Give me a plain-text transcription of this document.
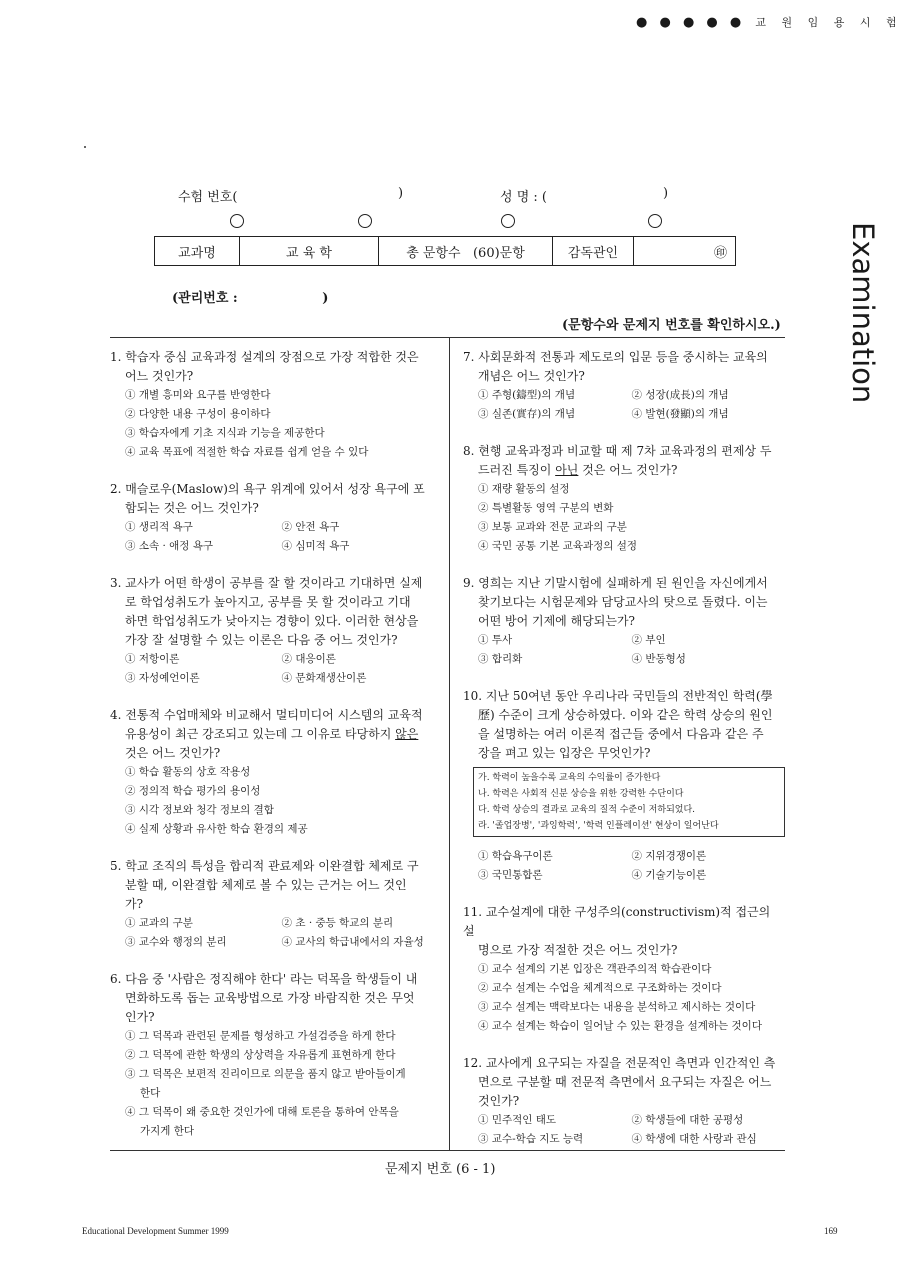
● ● ● ● ● 교 원 임 용 시 험
Examination
수험 번호(	)	성 명 : (	)
교과명	교 육 학	총 문항수 (60)문항	감독관인	㊞
(관리번호 :	)
(문항수와 문제지 번호를 확인하시오.)
1. 학습자 중심 교육과정 설계의 장점으로 가장 적합한 것은
어느 것인가?
① 개별 흥미와 요구를 반영한다
② 다양한 내용 구성이 용이하다
③ 학습자에게 기초 지식과 기능을 제공한다
④ 교육 목표에 적절한 학습 자료를 쉽게 얻을 수 있다
2. 매슬로우(Maslow)의 욕구 위계에 있어서 성장 욕구에 포
함되는 것은 어느 것인가?
① 생리적 욕구	② 안전 욕구
③ 소속 · 애정 욕구	④ 심미적 욕구
3. 교사가 어떤 학생이 공부를 잘 할 것이라고 기대하면 실제
로 학업성취도가 높아지고, 공부를 못 할 것이라고 기대
하면 학업성취도가 낮아지는 경향이 있다. 이러한 현상을
가장 잘 설명할 수 있는 이론은 다음 중 어느 것인가?
① 저항이론	② 대응이론
③ 자성예언이론	④ 문화재생산이론
4. 전통적 수업매체와 비교해서 멀티미디어 시스템의 교육적
유용성이 최근 강조되고 있는데 그 이유로 타당하지 않은
것은 어느 것인가?
① 학습 활동의 상호 작용성
② 정의적 학습 평가의 용이성
③ 시각 정보와 청각 정보의 결합
④ 실제 상황과 유사한 학습 환경의 제공
5. 학교 조직의 특성을 합리적 관료제와 이완결합 체제로 구
분할 때, 이완결합 체제로 볼 수 있는 근거는 어느 것인
가?
① 교과의 구분	② 초 · 중등 학교의 분리
③ 교수와 행정의 분리	④ 교사의 학급내에서의 자율성
6. 다음 중 '사람은 정직해야 한다' 라는 덕목을 학생들이 내
면화하도록 돕는 교육방법으로 가장 바람직한 것은 무엇
인가?
① 그 덕목과 관련된 문제를 형성하고 가설검증을 하게 한다
② 그 덕목에 관한 학생의 상상력을 자유롭게 표현하게 한다
③ 그 덕목은 보편적 진리이므로 의문을 품지 않고 받아들이게
한다
④ 그 덕목이 왜 중요한 것인가에 대해 토론을 통하여 안목을
가지게 한다
7. 사회문화적 전통과 제도로의 입문 등을 중시하는 교육의
개념은 어느 것인가?
① 주형(鑄型)의 개념	② 성장(成長)의 개념
③ 실존(實存)의 개념	④ 발현(發顯)의 개념
8. 현행 교육과정과 비교할 때 제 7차 교육과정의 편제상 두
드러진 특징이 아닌 것은 어느 것인가?
① 재량 활동의 설정
② 특별활동 영역 구분의 변화
③ 보통 교과와 전문 교과의 구분
④ 국민 공통 기본 교육과정의 설정
9. 영희는 지난 기말시험에 실패하게 된 원인을 자신에게서
찾기보다는 시험문제와 담당교사의 탓으로 돌렸다. 이는
어떤 방어 기제에 해당되는가?
① 투사	② 부인
③ 합리화	④ 반동형성
10. 지난 50여년 동안 우리나라 국민들의 전반적인 학력(學
歷) 수준이 크게 상승하였다. 이와 같은 학력 상승의 원인
을 설명하는 여러 이론적 접근들 중에서 다음과 같은 주
장을 펴고 있는 입장은 무엇인가?
가. 학력이 높을수록 교육의 수익률이 증가한다
나. 학력은 사회적 신분 상승을 위한 강력한 수단이다
다. 학력 상승의 결과로 교육의 질적 수준이 저하되었다.
라. '졸업장병', '과잉학력', '학력 인플레이션' 현상이 일어난다
① 학습욕구이론	② 지위경쟁이론
③ 국민통합론	④ 기술기능이론
11. 교수설계에 대한 구성주의(constructivism)적 접근의 설
명으로 가장 적절한 것은 어느 것인가?
① 교수 설계의 기본 입장은 객관주의적 학습관이다
② 교수 설계는 수업을 체계적으로 구조화하는 것이다
③ 교수 설계는 맥락보다는 내용을 분석하고 제시하는 것이다
④ 교수 설계는 학습이 일어날 수 있는 환경을 설계하는 것이다
12. 교사에게 요구되는 자질을 전문적인 측면과 인간적인 측
면으로 구분할 때 전문적 측면에서 요구되는 자질은 어느
것인가?
① 민주적인 태도	② 학생들에 대한 공평성
③ 교수-학습 지도 능력	④ 학생에 대한 사랑과 관심
문제지 번호 (6 - 1)
Educational Development Summer 1999	169
